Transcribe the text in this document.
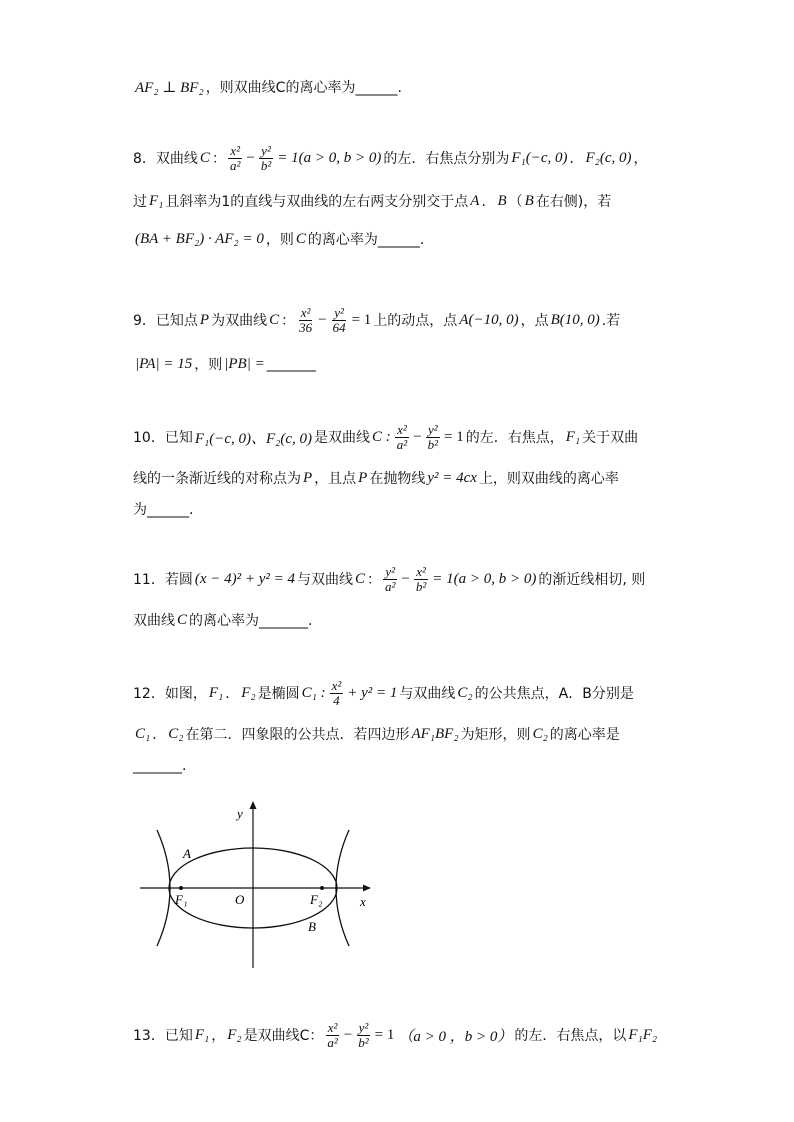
AF₂ ⊥ BF₂ ，则双曲线C的离心率为______.
8．双曲线 C ： $\frac{\text{x²}}{\text{a²}} - \frac{\text{y²}}{\text{b²}} = 1(a > 0$, b > 0) 的左．右焦点分别为 F₁(−c, 0) ． F₂(c, 0) ，
过 F₁ 且斜率为1的直线与双曲线的左右两支分别交于点 A ． B （ B 在右侧)，若
(BA + BF₂) · AF₂ = 0 ，则 C 的离心率为______.
9．已知点 P 为双曲线 C ： $\frac{\text{x²}}{36} - \frac{\text{y²}}{64} = 1$ 上的动点，点 A(−10, 0) ，点 B(10, 0) .若
|PA| = 15 ，则 |PB| = _______
10．已知 F₁(−c, 0)、F₂(c, 0) 是双曲线 C : $\frac{\text{x²}}{\text{a²}} - \frac{\text{y²}}{\text{b²}} = 1$ 的左．右焦点， F₁ 关于双曲
线的一条渐近线的对称点为 P ，且点 P 在抛物线 y² = 4cx 上，则双曲线的离心率
为______.
11．若圆 (x − 4)² + y² = 4 与双曲线 C ： $\frac{\text{y²}}{\text{a²}} - \frac{\text{x²}}{\text{b²}} = 1(a > 0$, b > 0) 的渐近线相切, 则
双曲线 C 的离心率为_______.
12．如图， F₁ ． F₂ 是椭圆 C₁ : $\frac{\text{x²}}{4} + y^2 = 1$ 与双曲线 C₂ 的公共焦点，A．B分别是
C₁ ． C₂ 在第二．四象限的公共点．若四边形 AF₁BF₂ 为矩形，则 C₂ 的离心率是
_______.
y
x
A
O
F₁	F₂
B
13．已知 F₁ ， F₂ 是双曲线C： $\frac{\text{x²}}{\text{a²}} - \frac{\text{y²}}{\text{b²}} = 1$ （a > 0 ，b > 0） 的左．右焦点，以 F₁F₂
